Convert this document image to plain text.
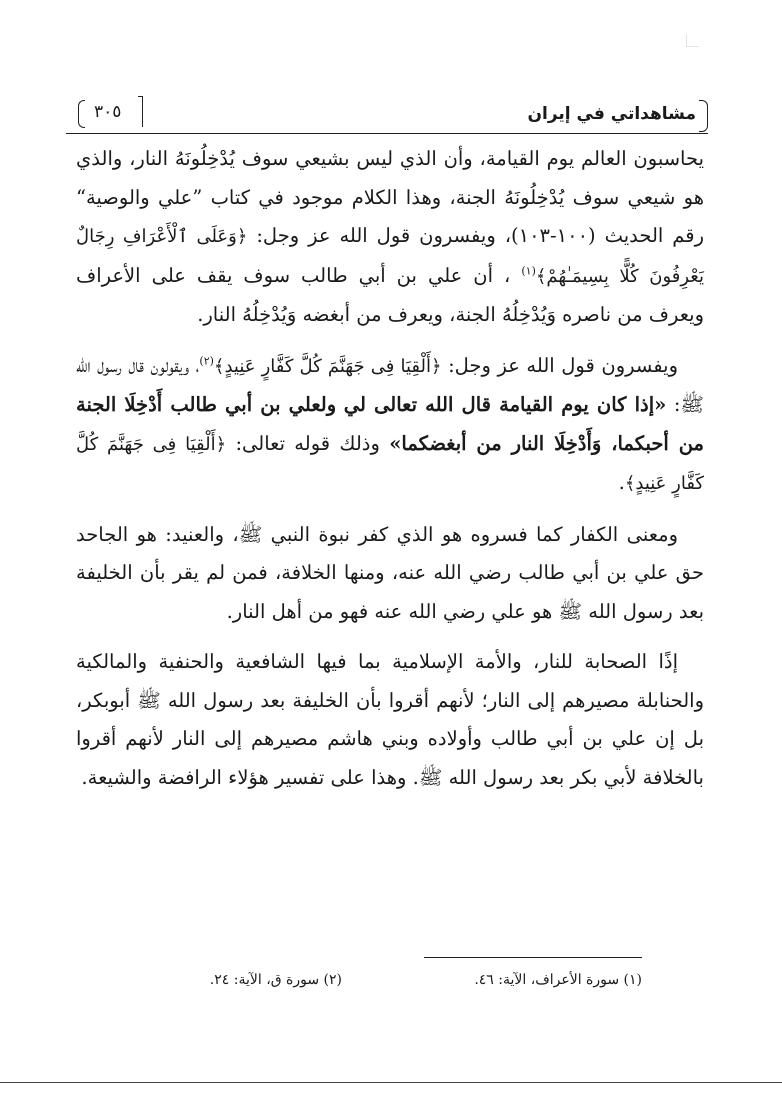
مشاهداتي في إيران
٣٠٥

يحاسبون العالم يوم القيامة، وأن الذي ليس بشيعي سوف يُدْخِلُونَهُ النار، والذي هو شيعي سوف يُدْخِلُونَهُ الجنة، وهذا الكلام موجود في كتاب ”علي والوصية“ رقم الحديث (١٠٠-١٠٣)، ويفسرون قول الله عز وجل: ﴿وَعَلَى ٱلْأَعْرَافِ رِجَالٌ يَعْرِفُونَ كُلًّا بِسِيمَـٰهُمْ﴾$^{(١)}$ ، أن علي بن أبي طالب سوف يقف على الأعراف ويعرف من ناصره وَيُدْخِلُهُ الجنة، ويعرف من أبغضه وَيُدْخِلُهُ النار.

ويفسرون قول الله عز وجل: ﴿أَلْقِيَا فِى جَهَنَّمَ كُلَّ كَفَّارٍ عَنِيدٍ﴾$^{(٢)}$، ويقولون قال رسول الله ﷺ: «إذا كان يوم القيامة قال الله تعالى لي ولعلي بن أبي طالب أَدْخِلَا الجنة من أحبكما، وَأَدْخِلَا النار من أبغضكما» وذلك قوله تعالى: ﴿أَلْقِيَا فِى جَهَنَّمَ كُلَّ كَفَّارٍ عَنِيدٍ﴾.

ومعنى الكفار كما فسروه هو الذي كفر نبوة النبي ﷺ، والعنيد: هو الجاحد حق علي بن أبي طالب رضي الله عنه، ومنها الخلافة، فمن لم يقر بأن الخليفة بعد رسول الله ﷺ هو علي رضي الله عنه فهو من أهل النار.

إذًا الصحابة للنار، والأمة الإسلامية بما فيها الشافعية والحنفية والمالكية والحنابلة مصيرهم إلى النار؛ لأنهم أقروا بأن الخليفة بعد رسول الله ﷺ أبوبكر، بل إن علي بن أبي طالب وأولاده وبني هاشم مصيرهم إلى النار لأنهم أقروا بالخلافة لأبي بكر بعد رسول الله ﷺ. وهذا على تفسير هؤلاء الرافضة والشيعة.

(١) سورة الأعراف، الآية: ٤٦.
(٢) سورة ق، الآية: ٢٤.
